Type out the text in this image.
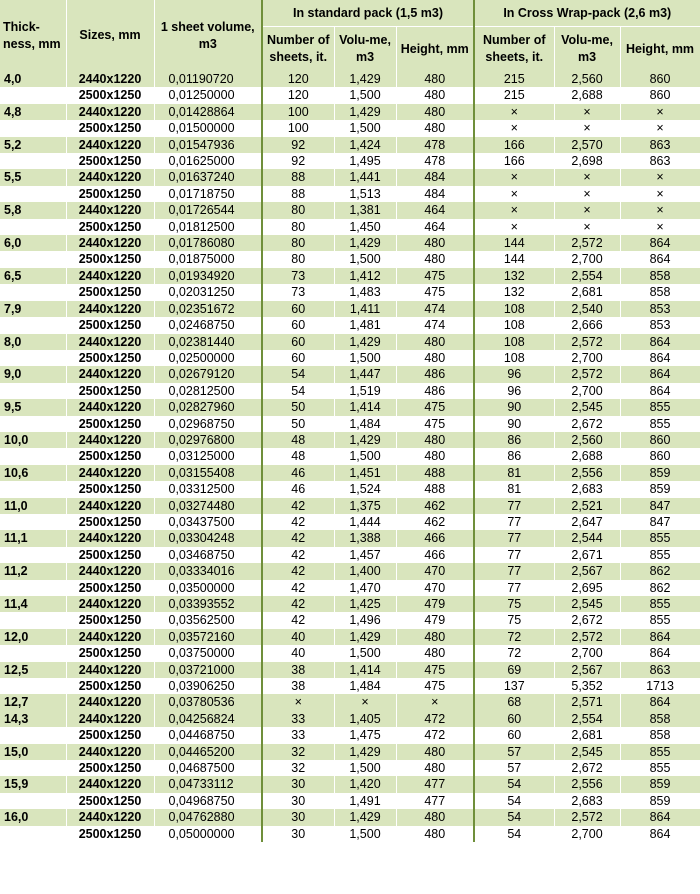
Thick-ness, mm	Sizes, mm	1 sheet volume, m3	In standard pack (1,5 m3)			In Cross Wrap-pack (2,6 m3)		
			Number of sheets, it.	Volu-me, m3	Height, mm	Number of sheets, it.	Volu-me, m3	Height, mm
4,0	2440x1220	0,01190720	120	1,429	480	215	2,560	860
	2500x1250	0,01250000	120	1,500	480	215	2,688	860
4,8	2440x1220	0,01428864	100	1,429	480	×	×	×
	2500x1250	0,01500000	100	1,500	480	×	×	×
5,2	2440x1220	0,01547936	92	1,424	478	166	2,570	863
	2500x1250	0,01625000	92	1,495	478	166	2,698	863
5,5	2440x1220	0,01637240	88	1,441	484	×	×	×
	2500x1250	0,01718750	88	1,513	484	×	×	×
5,8	2440x1220	0,01726544	80	1,381	464	×	×	×
	2500x1250	0,01812500	80	1,450	464	×	×	×
6,0	2440x1220	0,01786080	80	1,429	480	144	2,572	864
	2500x1250	0,01875000	80	1,500	480	144	2,700	864
6,5	2440x1220	0,01934920	73	1,412	475	132	2,554	858
	2500x1250	0,02031250	73	1,483	475	132	2,681	858
7,9	2440x1220	0,02351672	60	1,411	474	108	2,540	853
	2500x1250	0,02468750	60	1,481	474	108	2,666	853
8,0	2440x1220	0,02381440	60	1,429	480	108	2,572	864
	2500x1250	0,02500000	60	1,500	480	108	2,700	864
9,0	2440x1220	0,02679120	54	1,447	486	96	2,572	864
	2500x1250	0,02812500	54	1,519	486	96	2,700	864
9,5	2440x1220	0,02827960	50	1,414	475	90	2,545	855
	2500x1250	0,02968750	50	1,484	475	90	2,672	855
10,0	2440x1220	0,02976800	48	1,429	480	86	2,560	860
	2500x1250	0,03125000	48	1,500	480	86	2,688	860
10,6	2440x1220	0,03155408	46	1,451	488	81	2,556	859
	2500x1250	0,03312500	46	1,524	488	81	2,683	859
11,0	2440x1220	0,03274480	42	1,375	462	77	2,521	847
	2500x1250	0,03437500	42	1,444	462	77	2,647	847
11,1	2440x1220	0,03304248	42	1,388	466	77	2,544	855
	2500x1250	0,03468750	42	1,457	466	77	2,671	855
11,2	2440x1220	0,03334016	42	1,400	470	77	2,567	862
	2500x1250	0,03500000	42	1,470	470	77	2,695	862
11,4	2440x1220	0,03393552	42	1,425	479	75	2,545	855
	2500x1250	0,03562500	42	1,496	479	75	2,672	855
12,0	2440x1220	0,03572160	40	1,429	480	72	2,572	864
	2500x1250	0,03750000	40	1,500	480	72	2,700	864
12,5	2440x1220	0,03721000	38	1,414	475	69	2,567	863
	2500x1250	0,03906250	38	1,484	475	137	5,352	1713
12,7	2440x1220	0,03780536	×	×	×	68	2,571	864
14,3	2440x1220	0,04256824	33	1,405	472	60	2,554	858
	2500x1250	0,04468750	33	1,475	472	60	2,681	858
15,0	2440x1220	0,04465200	32	1,429	480	57	2,545	855
	2500x1250	0,04687500	32	1,500	480	57	2,672	855
15,9	2440x1220	0,04733112	30	1,420	477	54	2,556	859
	2500x1250	0,04968750	30	1,491	477	54	2,683	859
16,0	2440x1220	0,04762880	30	1,429	480	54	2,572	864
	2500x1250	0,05000000	30	1,500	480	54	2,700	864
